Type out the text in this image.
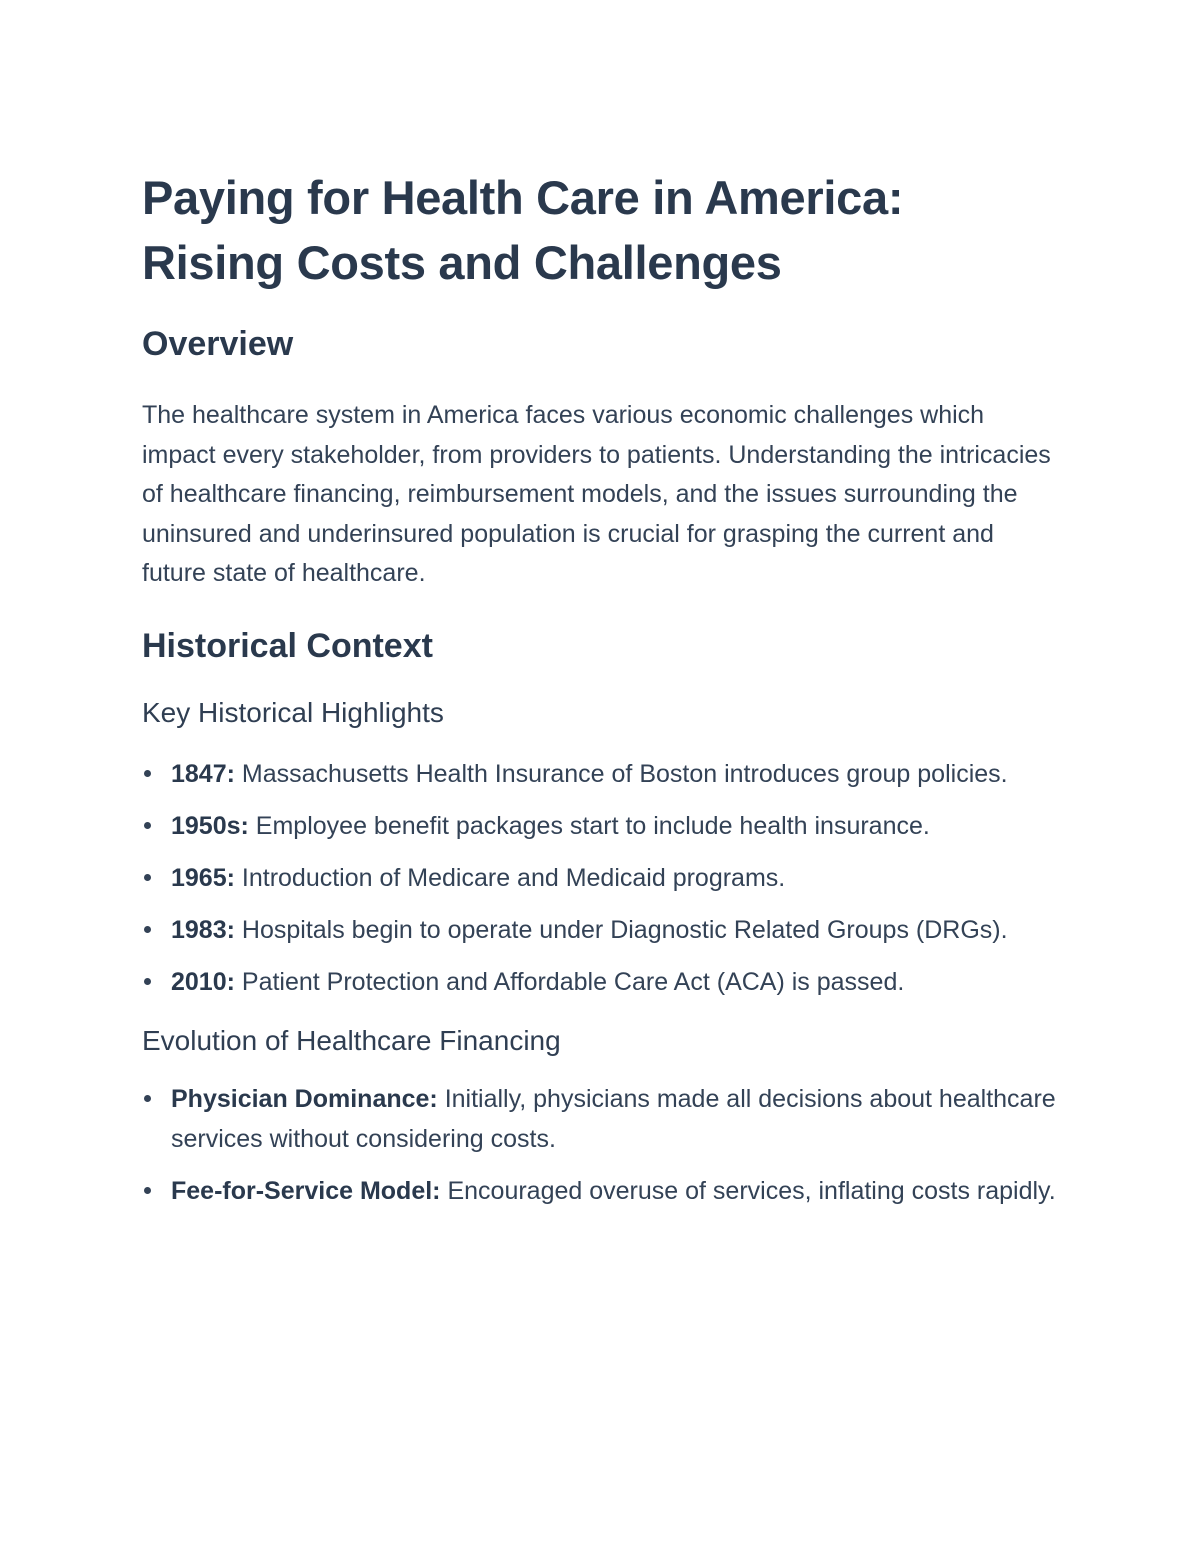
Paying for Health Care in America:
Rising Costs and Challenges
Overview

The healthcare system in America faces various economic challenges which impact every stakeholder, from providers to patients. Understanding the intricacies of healthcare financing, reimbursement models, and the issues surrounding the uninsured and underinsured population is crucial for grasping the current and future state of healthcare.

Historical Context
Key Historical Highlights
1847: Massachusetts Health Insurance of Boston introduces group policies.
1950s: Employee benefit packages start to include health insurance.
1965: Introduction of Medicare and Medicaid programs.
1983: Hospitals begin to operate under Diagnostic Related Groups (DRGs).
2010: Patient Protection and Affordable Care Act (ACA) is passed.
Evolution of Healthcare Financing
Physician Dominance: Initially, physicians made all decisions about healthcare services without considering costs.
Fee-for-Service Model: Encouraged overuse of services, inflating costs rapidly.
